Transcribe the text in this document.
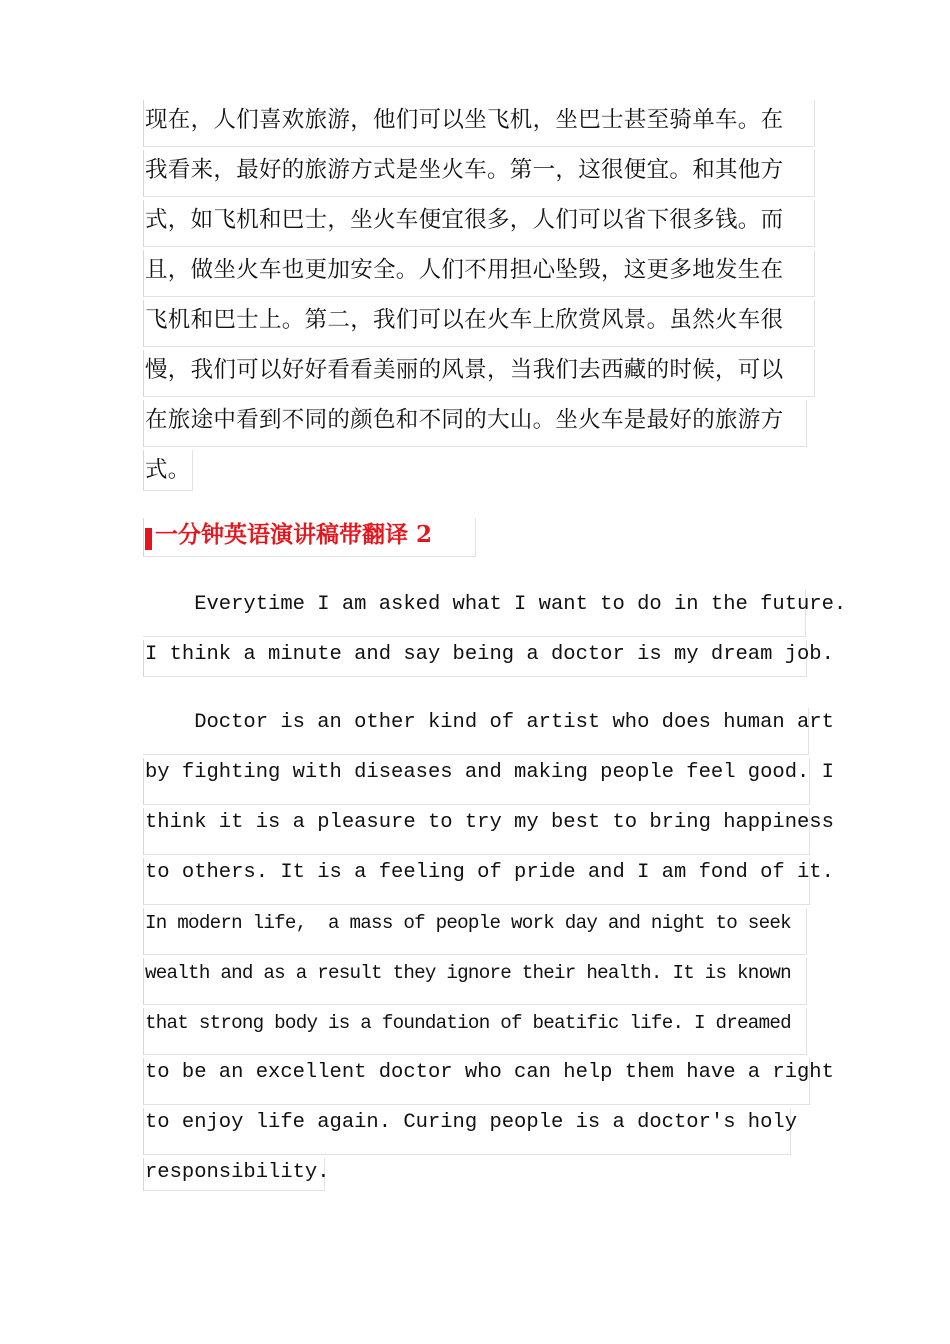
现在，人们喜欢旅游，他们可以坐飞机，坐巴士甚至骑单车。在
我看来，最好的旅游方式是坐火车。第一，这很便宜。和其他方
式，如飞机和巴士，坐火车便宜很多，人们可以省下很多钱。而
且，做坐火车也更加安全。人们不用担心坠毁，这更多地发生在
飞机和巴士上。第二，我们可以在火车上欣赏风景。虽然火车很
慢，我们可以好好看看美丽的风景，当我们去西藏的时候，可以
在旅途中看到不同的颜色和不同的大山。坐火车是最好的旅游方
式。
一分钟英语演讲稿带翻译 2
Everytime I am asked what I want to do in the future.
I think a minute and say being a doctor is my dream job.
Doctor is an other kind of artist who does human art
by fighting with diseases and making people feel good. I
think it is a pleasure to try my best to bring happiness
to others. It is a feeling of pride and I am fond of it.
In modern life,  a mass of people work day and night to seek
wealth and as a result they ignore their health. It is known
that strong body is a foundation of beatific life. I dreamed
to be an excellent doctor who can help them have a right
to enjoy life again. Curing people is a doctor's holy
responsibility.
